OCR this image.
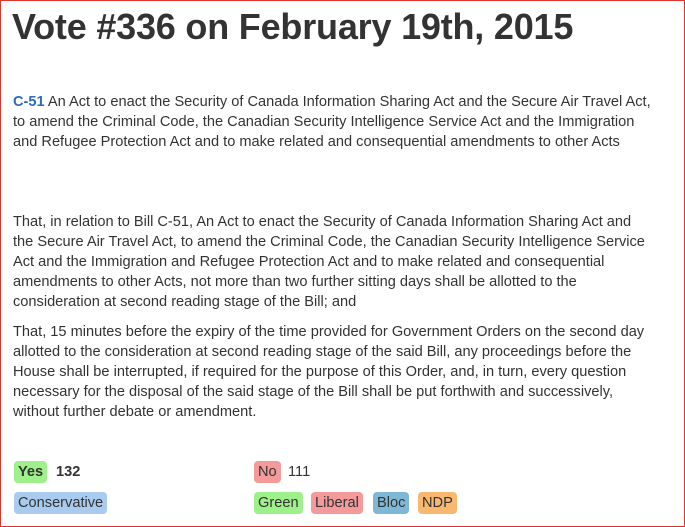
Vote #336 on February 19th, 2015

C-51 An Act to enact the Security of Canada Information Sharing Act and the Secure Air Travel Act, to amend the Criminal Code, the Canadian Security Intelligence Service Act and the Immigration and Refugee Protection Act and to make related and consequential amendments to other Acts

That, in relation to Bill C-51, An Act to enact the Security of Canada Information Sharing Act and the Secure Air Travel Act, to amend the Criminal Code, the Canadian Security Intelligence Service Act and the Immigration and Refugee Protection Act and to make related and consequential amendments to other Acts, not more than two further sitting days shall be allotted to the consideration at second reading stage of the Bill; and

That, 15 minutes before the expiry of the time provided for Government Orders on the second day allotted to the consideration at second reading stage of the said Bill, any proceedings before the House shall be interrupted, if required for the purpose of this Order, and, in turn, every question necessary for the disposal of the said stage of the Bill shall be put forthwith and successively, without further debate or amendment.

Yes 132	No 111
Conservative	Green Liberal Bloc NDP
